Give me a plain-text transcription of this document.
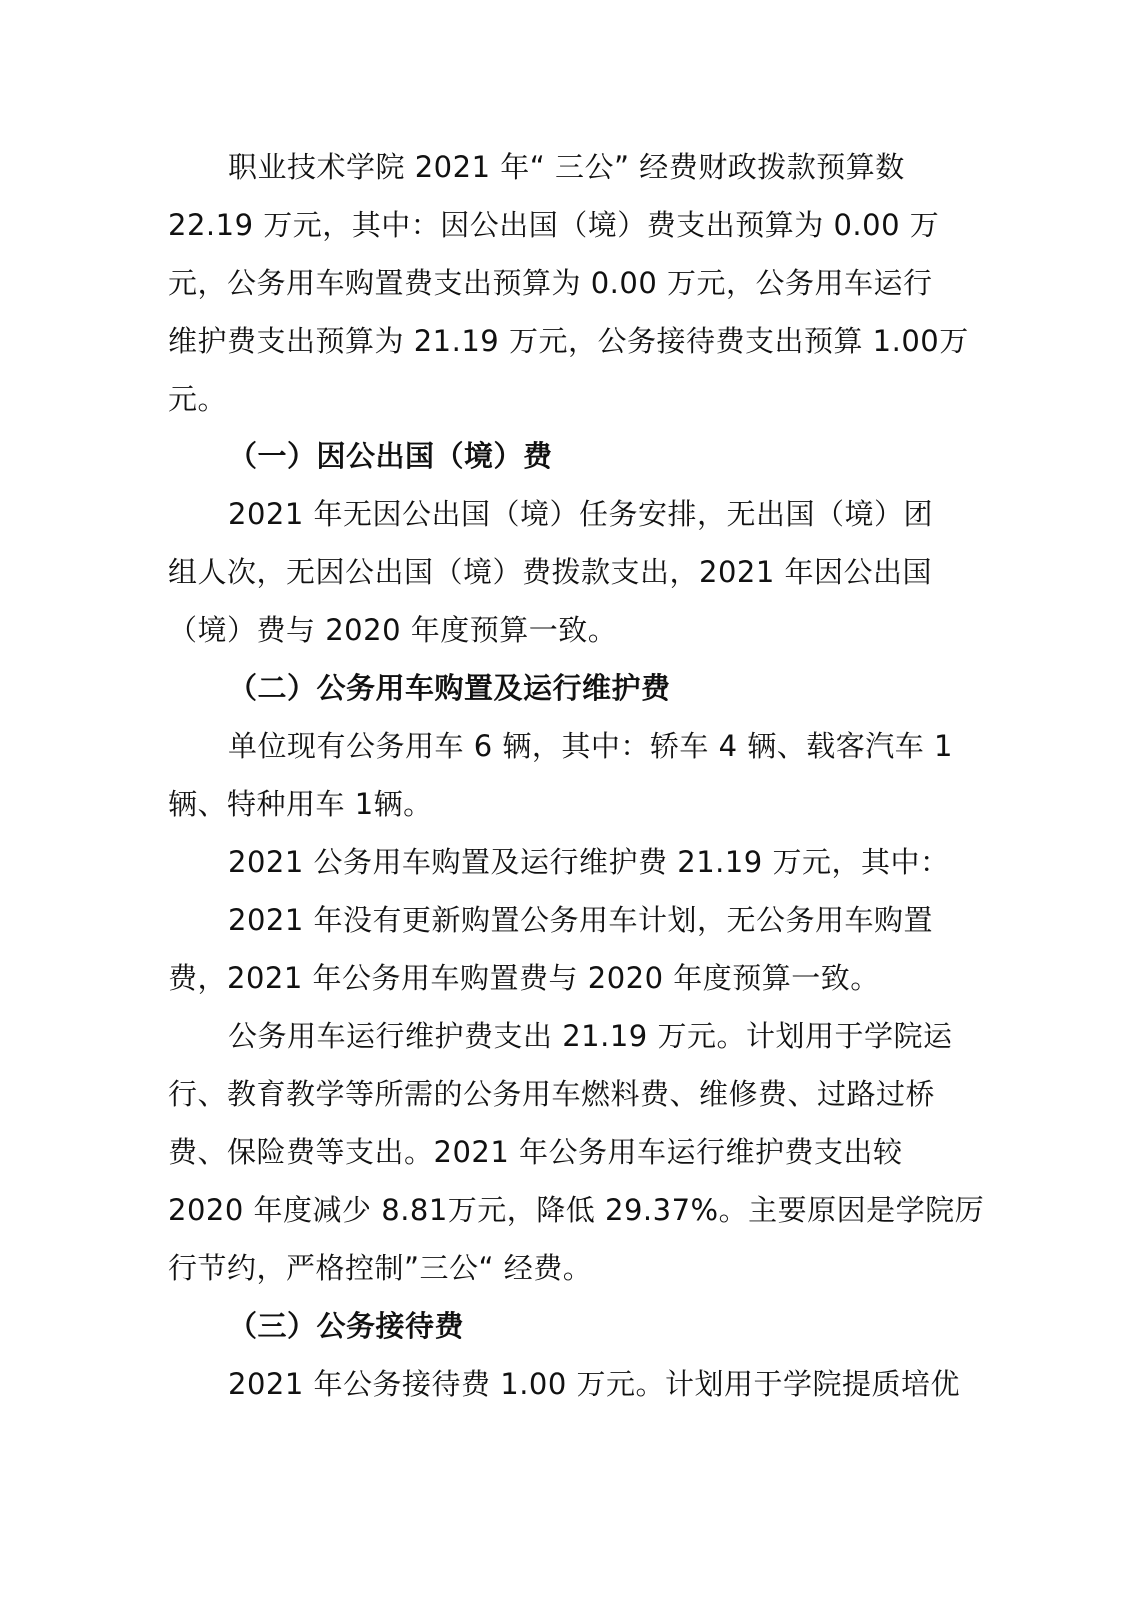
职业技术学院 2021 年“ 三公” 经费财政拨款预算数
22.19 万元，其中：因公出国（境）费支出预算为 0.00 万
元，公务用车购置费支出预算为 0.00 万元，公务用车运行
维护费支出预算为 21.19 万元，公务接待费支出预算 1.00万
元。
（一）因公出国（境）费
2021 年无因公出国（境）任务安排，无出国（境）团
组人次，无因公出国（境）费拨款支出，2021 年因公出国
（境）费与 2020 年度预算一致。
（二）公务用车购置及运行维护费
单位现有公务用车 6 辆，其中：轿车 4 辆、载客汽车 1
辆、特种用车 1辆。
2021 公务用车购置及运行维护费 21.19 万元，其中：
2021 年没有更新购置公务用车计划，无公务用车购置
费，2021 年公务用车购置费与 2020 年度预算一致。
公务用车运行维护费支出 21.19 万元。计划用于学院运
行、教育教学等所需的公务用车燃料费、维修费、过路过桥
费、保险费等支出。2021 年公务用车运行维护费支出较
2020 年度减少 8.81万元，降低 29.37%。主要原因是学院厉
行节约，严格控制”三公“ 经费。
（三）公务接待费
2021 年公务接待费 1.00 万元。计划用于学院提质培优
